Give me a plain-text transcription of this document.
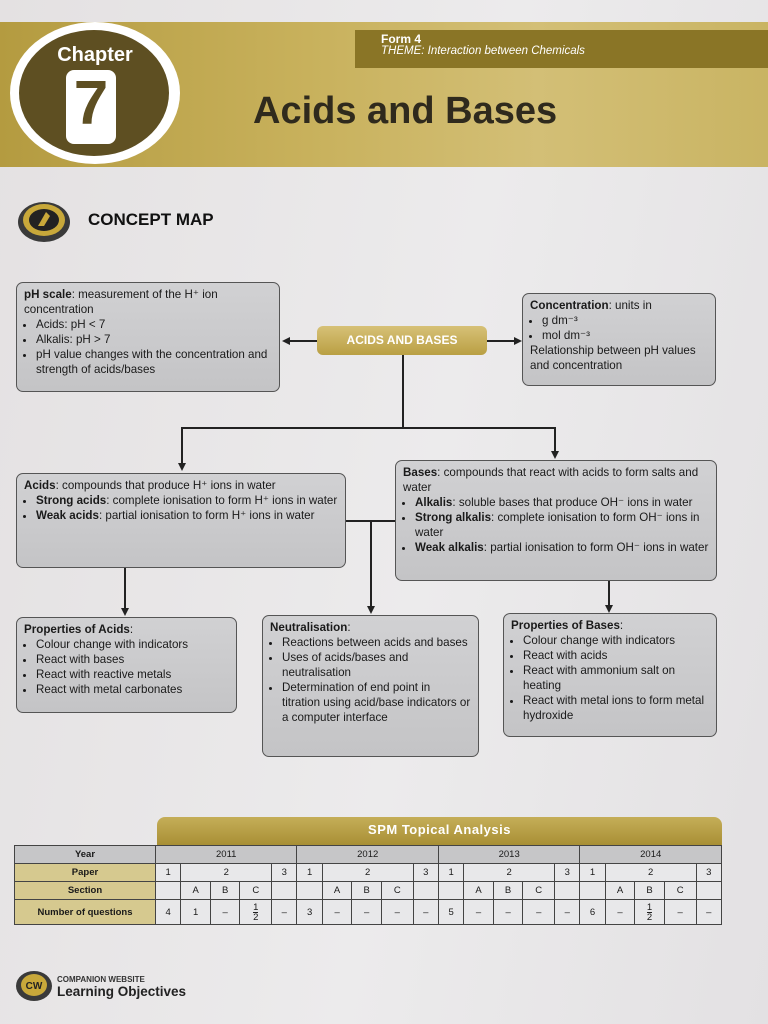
Form 4
THEME: Interaction between Chemicals
Chapter
7	Acids and Bases
CONCEPT MAP
ACIDS AND BASES
pH scale: measurement of the H⁺ ion concentration
• Acids: pH < 7
• Alkalis: pH > 7
• pH value changes with the concentration and strength of acids/bases
Concentration: units in
• g dm⁻³
• mol dm⁻³
Relationship between pH values and concentration
Acids: compounds that produce H⁺ ions in water
• Strong acids: complete ionisation to form H⁺ ions in water
• Weak acids: partial ionisation to form H⁺ ions in water
Bases: compounds that react with acids to form salts and water
• Alkalis: soluble bases that produce OH⁻ ions in water
• Strong alkalis: complete ionisation to form OH⁻ ions in water
• Weak alkalis: partial ionisation to form OH⁻ ions in water
Properties of Acids:
• Colour change with indicators
• React with bases
• React with reactive metals
• React with metal carbonates
Neutralisation:
• Reactions between acids and bases
• Uses of acids/bases and neutralisation
• Determination of end point in titration using acid/base indicators or a computer interface
Properties of Bases:
• Colour change with indicators
• React with acids
• React with ammonium salt on heating
• React with metal ions to form metal hydroxide
SPM Topical Analysis
Year	2011					2012					2013					2014				
Paper	1	2			3	1	2			3	1	2			3	1	2			3
Section		A	B	C			A	B	C			A	B	C			A	B	C	
Number of questions	4	1	–	$\frac{1}{2}$	–	3	–	–	–	–	5	–	–	–	–	6	–	$\frac{1}{2}$	–	–
CW
COMPANION WEBSITE
Learning Objectives
